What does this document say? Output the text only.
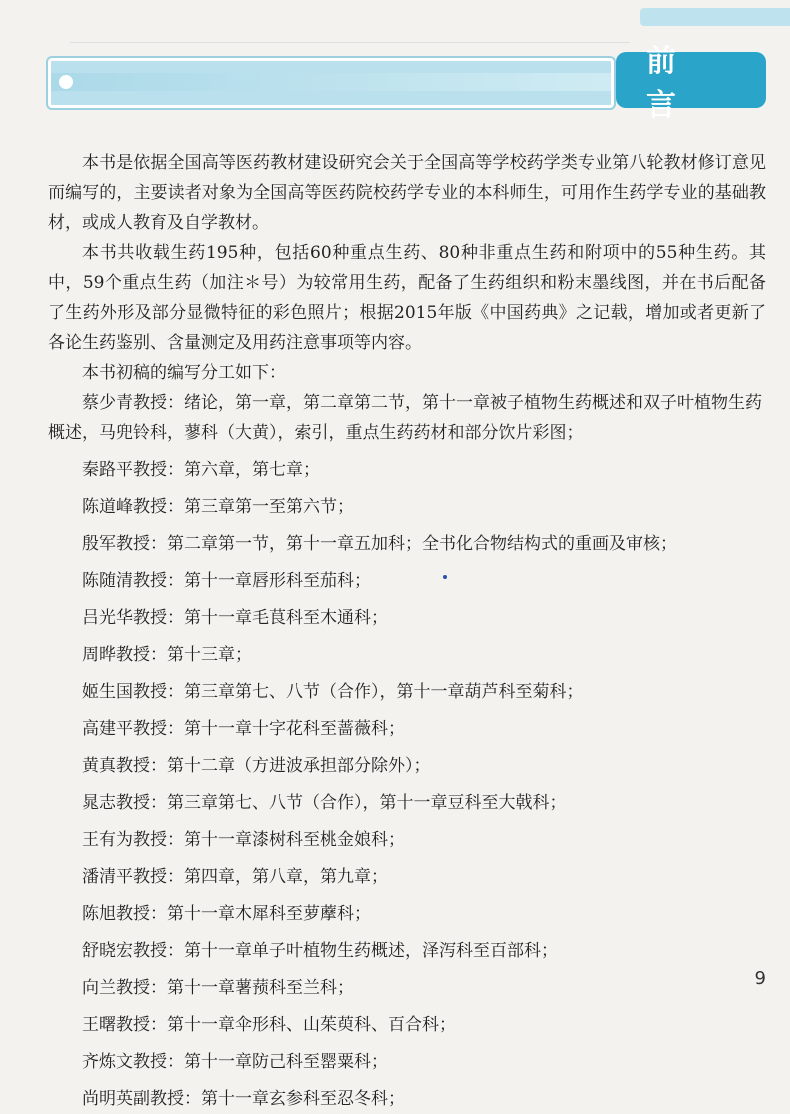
前 言

本书是依据全国高等医药教材建设研究会关于全国高等学校药学类专业第八轮教材修订意见而编写的，主要读者对象为全国高等医药院校药学专业的本科师生，可用作生药学专业的基础教材，或成人教育及自学教材。

本书共收载生药195种，包括60种重点生药、80种非重点生药和附项中的55种生药。其中，59个重点生药（加注＊号）为较常用生药，配备了生药组织和粉末墨线图，并在书后配备了生药外形及部分显微特征的彩色照片；根据2015年版《中国药典》之记载，增加或者更新了各论生药鉴别、含量测定及用药注意事项等内容。

本书初稿的编写分工如下：

蔡少青教授：绪论，第一章，第二章第二节，第十一章被子植物生药概述和双子叶植物生药概述，马兜铃科，蓼科（大黄），索引，重点生药药材和部分饮片彩图；
秦路平教授：第六章，第七章；
陈道峰教授：第三章第一至第六节；
殷军教授：第二章第一节，第十一章五加科；全书化合物结构式的重画及审核；
陈随清教授：第十一章唇形科至茄科；
吕光华教授：第十一章毛茛科至木通科；
周晔教授：第十三章；
姬生国教授：第三章第七、八节（合作），第十一章葫芦科至菊科；
高建平教授：第十一章十字花科至蔷薇科；
黄真教授：第十二章（方进波承担部分除外）；
晁志教授：第三章第七、八节（合作），第十一章豆科至大戟科；
王有为教授：第十一章漆树科至桃金娘科；
潘清平教授：第四章，第八章，第九章；
陈旭教授：第十一章木犀科至萝藦科；
舒晓宏教授：第十一章单子叶植物生药概述，泽泻科至百部科；
向兰教授：第十一章薯蓣科至兰科；
王曙教授：第十一章伞形科、山茱萸科、百合科；
齐炼文教授：第十一章防己科至罂粟科；
尚明英副教授：第十一章玄参科至忍冬科；
9
